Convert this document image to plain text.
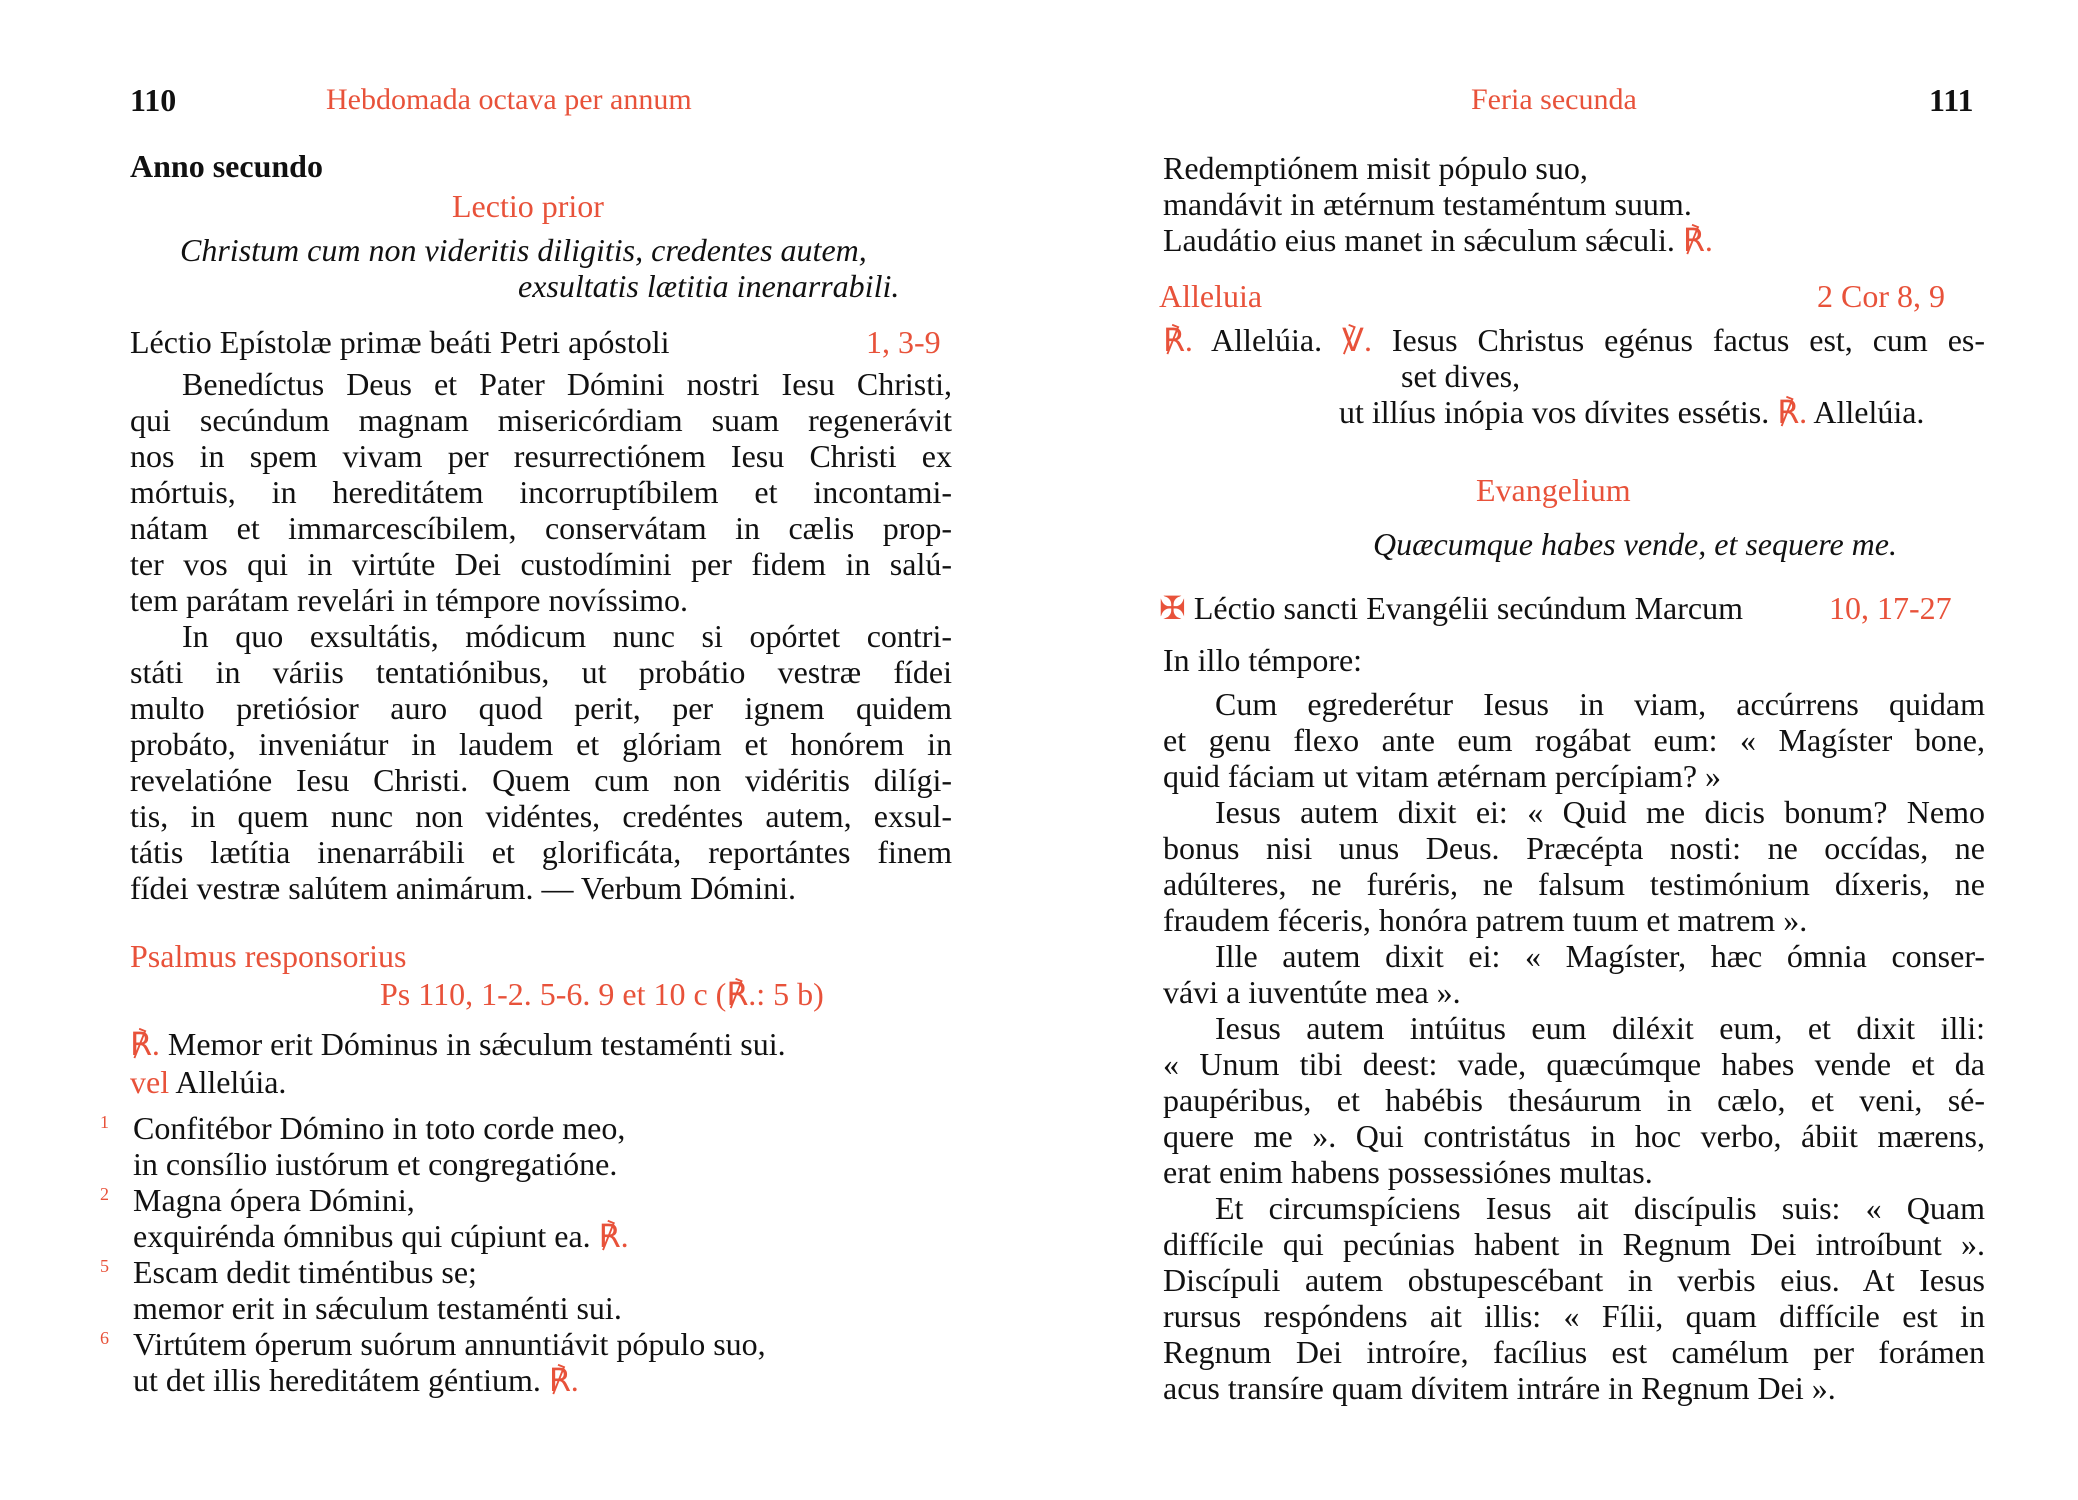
110	Hebdomada octava per annum
Anno secundo
Lectio prior
Christum cum non videritis diligitis, credentes autem,
exsultatis lætitia inenarrabili.
Léctio Epístolæ primæ beáti Petri apóstoli	1, 3-9
Benedíctus Deus et Pater Dómini nostri Iesu Christi,
qui secúndum magnam misericórdiam suam regenerávit
nos in spem vivam per resurrectiónem Iesu Christi ex
mórtuis, in hereditátem incorruptíbilem et incontami-
nátam et immarcescíbilem, conservátam in cælis prop-
ter vos qui in virtúte Dei custodímini per fidem in salú-
tem parátam revelári in témpore novíssimo.
In quo exsultátis, módicum nunc si opórtet contri-
státi in váriis tentatiónibus, ut probátio vestræ fídei
multo pretiósior auro quod perit, per ignem quidem
probáto, inveniátur in laudem et glóriam et honórem in
revelatióne Iesu Christi. Quem cum non vidéritis dilígi-
tis, in quem nunc non vidéntes, credéntes autem, exsul-
tátis lætítia inenarrábili et glorificáta, reportántes finem
fídei vestræ salútem animárum. — Verbum Dómini.
Psalmus responsorius
Ps 110, 1-2. 5-6. 9 et 10 c (℟.: 5 b)
℟. Memor erit Dóminus in sǽculum testaménti sui.
vel Allelúia.
1 Confitébor Dómino in toto corde meo,
in consílio iustórum et congregatióne.
2 Magna ópera Dómini,
exquirénda ómnibus qui cúpiunt ea. ℟.
5 Escam dedit timéntibus se;
memor erit in sǽculum testaménti sui.
6 Virtútem óperum suórum annuntiávit pópulo suo,
ut det illis hereditátem géntium. ℟.
Feria secunda	111
Redemptiónem misit pópulo suo,
mandávit in ætérnum testaméntum suum.
Laudátio eius manet in sǽculum sǽculi. ℟.
Alleluia	2 Cor 8, 9
℟. Allelúia. ℣. Iesus Christus egénus factus est, cum es-
set dives,
ut illíus inópia vos dívites essétis. ℟. Allelúia.
Evangelium
Quæcumque habes vende, et sequere me.
✠ Léctio sancti Evangélii secúndum Marcum	10, 17-27
In illo témpore:
Cum egrederétur Iesus in viam, accúrrens quidam
et genu flexo ante eum rogábat eum: « Magíster bone,
quid fáciam ut vitam ætérnam percípiam? »
Iesus autem dixit ei: « Quid me dicis bonum? Nemo
bonus nisi unus Deus. Præcépta nosti: ne occídas, ne
adúlteres, ne furéris, ne falsum testimónium díxeris, ne
fraudem féceris, honóra patrem tuum et matrem ».
Ille autem dixit ei: « Magíster, hæc ómnia conser-
vávi a iuventúte mea ».
Iesus autem intúitus eum diléxit eum, et dixit illi:
« Unum tibi deest: vade, quæcúmque habes vende et da
paupéribus, et habébis thesáurum in cælo, et veni, sé-
quere me ». Qui contristátus in hoc verbo, ábiit mærens,
erat enim habens possessiónes multas.
Et circumspíciens Iesus ait discípulis suis: « Quam
diffícile qui pecúnias habent in Regnum Dei introíbunt ».
Discípuli autem obstupescébant in verbis eius. At Iesus
rursus respóndens ait illis: « Fílii, quam diffícile est in
Regnum Dei introíre, facílius est camélum per forámen
acus transíre quam dívitem intráre in Regnum Dei ».
